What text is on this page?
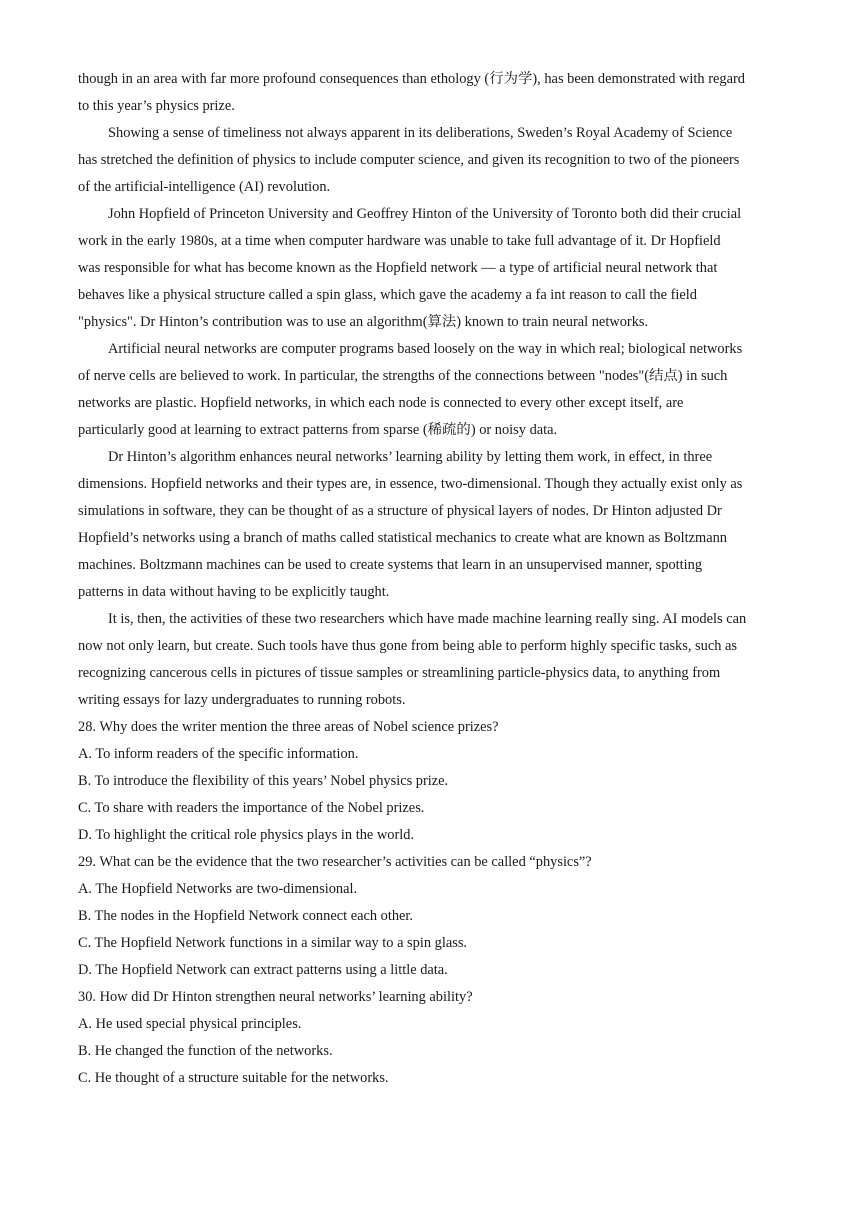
though in an area with far more profound consequences than ethology (行为学), has been demonstrated with regard

to this year’s physics prize.

Showing a sense of timeliness not always apparent in its deliberations, Sweden’s Royal Academy of Science

has stretched the definition of physics to include computer science, and given its recognition to two of the pioneers

of the artificial-intelligence (AI) revolution.

John Hopfield of Princeton University and Geoffrey Hinton of the University of Toronto both did their crucial

work in the early 1980s, at a time when computer hardware was unable to take full advantage of it. Dr Hopfield

was responsible for what has become known as the Hopfield network — a type of artificial neural network that

behaves like a physical structure called a spin glass, which gave the academy a fa int reason to call the field

"physics". Dr Hinton’s contribution was to use an algorithm(算法) known to train neural networks.

Artificial neural networks are computer programs based loosely on the way in which real; biological networks

of nerve cells are believed to work. In particular, the strengths of the connections between "nodes"(结点) in such

networks are plastic. Hopfield networks, in which each node is connected to every other except itself, are

particularly good at learning to extract patterns from sparse (稀疏的) or noisy data.

Dr Hinton’s algorithm enhances neural networks’ learning ability by letting them work, in effect, in three

dimensions. Hopfield networks and their types are, in essence, two-dimensional. Though they actually exist only as

simulations in software, they can be thought of as a structure of physical layers of nodes. Dr Hinton adjusted Dr

Hopfield’s networks using a branch of maths called statistical mechanics to create what are known as Boltzmann

machines. Boltzmann machines can be used to create systems that learn in an unsupervised manner, spotting

patterns in data without having to be explicitly taught.

It is, then, the activities of these two researchers which have made machine learning really sing. AI models can

now not only learn, but create. Such tools have thus gone from being able to perform highly specific tasks, such as

recognizing cancerous cells in pictures of tissue samples or streamlining particle-physics data, to anything from

writing essays for lazy undergraduates to running robots.

28. Why does the writer mention the three areas of Nobel science prizes?

A. To inform readers of the specific information.

B. To introduce the flexibility of this years’ Nobel physics prize.

C. To share with readers the importance of the Nobel prizes.

D. To highlight the critical role physics plays in the world.

29. What can be the evidence that the two researcher’s activities can be called “physics”?

A. The Hopfield Networks are two-dimensional.

B. The nodes in the Hopfield Network connect each other.

C. The Hopfield Network functions in a similar way to a spin glass.

D. The Hopfield Network can extract patterns using a little data.

30. How did Dr Hinton strengthen neural networks’ learning ability?

A. He used special physical principles.

B. He changed the function of the networks.

C. He thought of a structure suitable for the networks.
